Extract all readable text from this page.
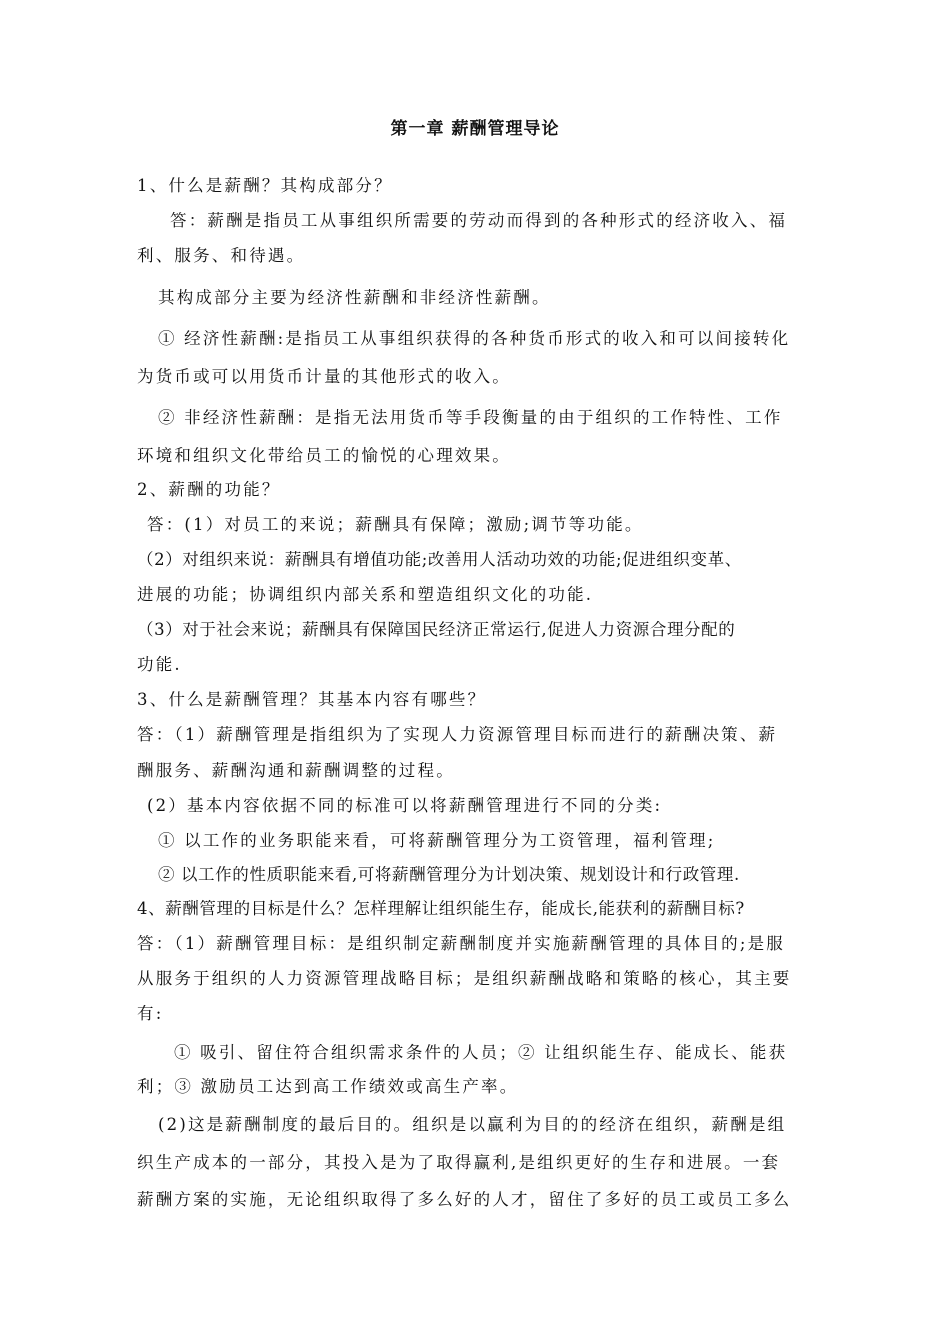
第一章 薪酬管理导论
1、什么是薪酬？其构成部分？
答：薪酬是指员工从事组织所需要的劳动而得到的各种形式的经济收入、福
利、服务、和待遇。
其构成部分主要为经济性薪酬和非经济性薪酬。
① 经济性薪酬:是指员工从事组织获得的各种货币形式的收入和可以间接转化
为货币或可以用货币计量的其他形式的收入。
② 非经济性薪酬：是指无法用货币等手段衡量的由于组织的工作特性、工作
环境和组织文化带给员工的愉悦的心理效果。
2、薪酬的功能？
答：(1）对员工的来说；薪酬具有保障；激励;调节等功能。
（2）对组织来说：薪酬具有增值功能;改善用人活动功效的功能;促进组织变革、
进展的功能；协调组织内部关系和塑造组织文化的功能.
（3）对于社会来说；薪酬具有保障国民经济正常运行,促进人力资源合理分配的
功能.
3、什么是薪酬管理？其基本内容有哪些？
答：（1）薪酬管理是指组织为了实现人力资源管理目标而进行的薪酬决策、薪
酬服务、薪酬沟通和薪酬调整的过程。
(2）基本内容依据不同的标准可以将薪酬管理进行不同的分类:
① 以工作的业务职能来看，可将薪酬管理分为工资管理，福利管理;
② 以工作的性质职能来看,可将薪酬管理分为计划决策、规划设计和行政管理.
4、薪酬管理的目标是什么？怎样理解让组织能生存，能成长,能获利的薪酬目标?
答：（1）薪酬管理目标：是组织制定薪酬制度并实施薪酬管理的具体目的;是服
从服务于组织的人力资源管理战略目标；是组织薪酬战略和策略的核心，其主要
有:
① 吸引、留住符合组织需求条件的人员；② 让组织能生存、能成长、能获
利；③ 激励员工达到高工作绩效或高生产率。
(2)这是薪酬制度的最后目的。组织是以赢利为目的的经济在组织，薪酬是组
织生产成本的一部分，其投入是为了取得赢利,是组织更好的生存和进展。一套
薪酬方案的实施，无论组织取得了多么好的人才，留住了多好的员工或员工多么
